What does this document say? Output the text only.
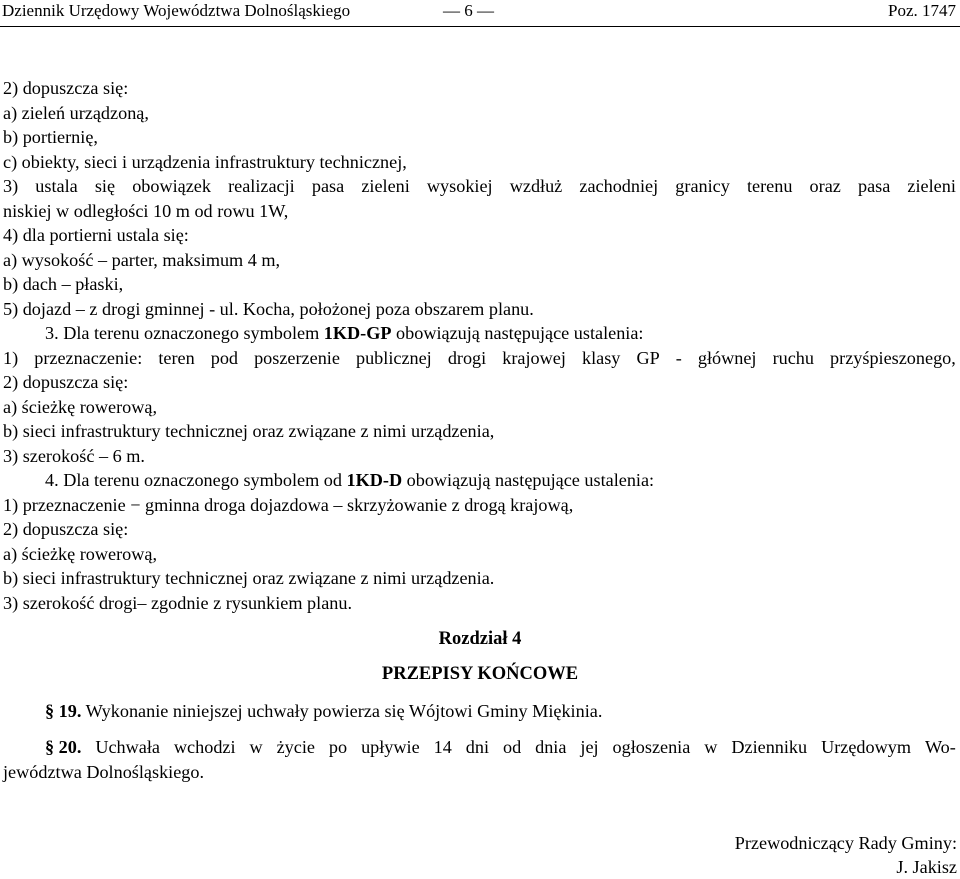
Dziennik Urzędowy Województwa Dolnośląskiego	— 6 —	Poz. 1747
2) dopuszcza się:
a) zieleń urządzoną,
b) portiernię,
c) obiekty, sieci i urządzenia infrastruktury technicznej,
3) ustala się obowiązek realizacji pasa zieleni wysokiej wzdłuż zachodniej granicy terenu oraz pasa zieleni
niskiej w odległości 10 m od rowu 1W,
4) dla portierni ustala się:
a) wysokość – parter, maksimum 4 m,
b) dach – płaski,
5) dojazd – z drogi gminnej - ul. Kocha, położonej poza obszarem planu.
3. Dla terenu oznaczonego symbolem 1KD-GP obowiązują następujące ustalenia:
1) przeznaczenie: teren pod poszerzenie publicznej drogi krajowej klasy GP - głównej ruchu przyśpieszonego,
2) dopuszcza się:
a) ścieżkę rowerową,
b) sieci infrastruktury technicznej oraz związane z nimi urządzenia,
3) szerokość – 6 m.
4. Dla terenu oznaczonego symbolem od 1KD-D obowiązują następujące ustalenia:
1) przeznaczenie − gminna droga dojazdowa – skrzyżowanie z drogą krajową,
2) dopuszcza się:
a) ścieżkę rowerową,
b) sieci infrastruktury technicznej oraz związane z nimi urządzenia.
3) szerokość drogi– zgodnie z rysunkiem planu.
Rozdział 4
PRZEPISY KOŃCOWE
§ 19. Wykonanie niniejszej uchwały powierza się Wójtowi Gminy Miękinia.
§ 20. Uchwała wchodzi w życie po upływie 14 dni od dnia jej ogłoszenia w Dzienniku Urzędowym Wo-
jewództwa Dolnośląskiego.
Przewodniczący Rady Gminy:
J. Jakisz
